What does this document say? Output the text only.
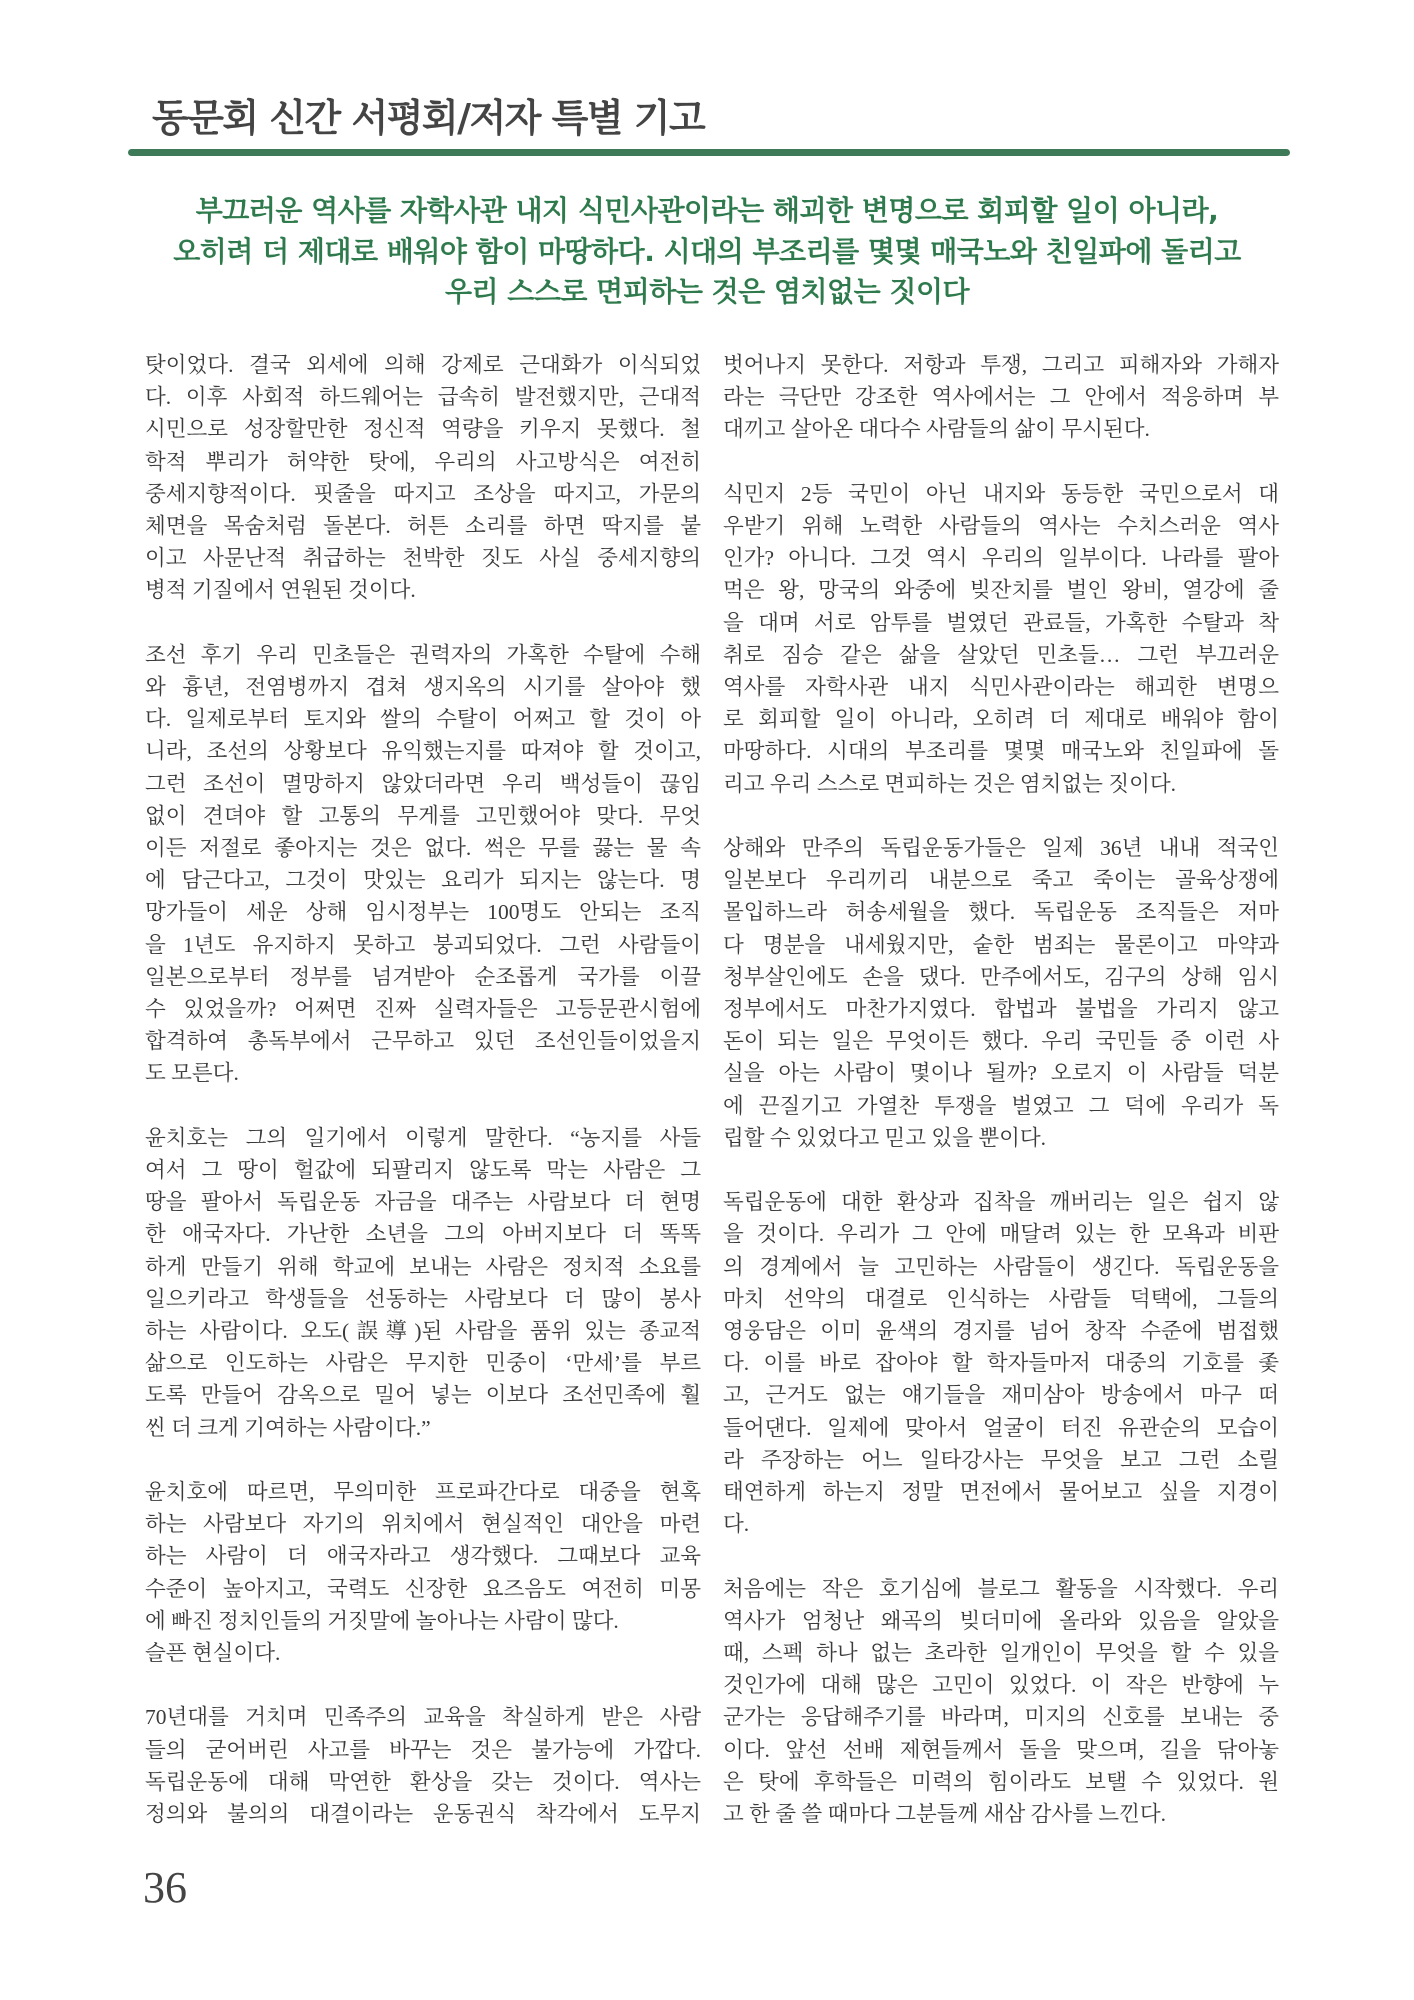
동문회 신간 서평회/저자 특별 기고
부끄러운 역사를 자학사관 내지 식민사관이라는 해괴한 변명으로 회피할 일이 아니라,
오히려 더 제대로 배워야 함이 마땅하다. 시대의 부조리를 몇몇 매국노와 친일파에 돌리고
우리 스스로 면피하는 것은 염치없는 짓이다
탓이었다. 결국 외세에 의해 강제로 근대화가 이식되었
다. 이후 사회적 하드웨어는 급속히 발전했지만, 근대적
시민으로 성장할만한 정신적 역량을 키우지 못했다. 철
학적 뿌리가 허약한 탓에, 우리의 사고방식은 여전히
중세지향적이다. 핏줄을 따지고 조상을 따지고, 가문의
체면을 목숨처럼 돌본다. 허튼 소리를 하면 딱지를 붙
이고 사문난적 취급하는 천박한 짓도 사실 중세지향의
병적 기질에서 연원된 것이다.
조선 후기 우리 민초들은 권력자의 가혹한 수탈에 수해
와 흉년, 전염병까지 겹쳐 생지옥의 시기를 살아야 했
다. 일제로부터 토지와 쌀의 수탈이 어쩌고 할 것이 아
니라, 조선의 상황보다 유익했는지를 따져야 할 것이고,
그런 조선이 멸망하지 않았더라면 우리 백성들이 끊임
없이 견뎌야 할 고통의 무게를 고민했어야 맞다. 무엇
이든 저절로 좋아지는 것은 없다. 썩은 무를 끓는 물 속
에 담근다고, 그것이 맛있는 요리가 되지는 않는다. 명
망가들이 세운 상해 임시정부는 100명도 안되는 조직
을 1년도 유지하지 못하고 붕괴되었다. 그런 사람들이
일본으로부터 정부를 넘겨받아 순조롭게 국가를 이끌
수 있었을까? 어쩌면 진짜 실력자들은 고등문관시험에
합격하여 총독부에서 근무하고 있던 조선인들이었을지
도 모른다.
윤치호는 그의 일기에서 이렇게 말한다. “농지를 사들
여서 그 땅이 헐값에 되팔리지 않도록 막는 사람은 그
땅을 팔아서 독립운동 자금을 대주는 사람보다 더 현명
한 애국자다. 가난한 소년을 그의 아버지보다 더 똑똑
하게 만들기 위해 학교에 보내는 사람은 정치적 소요를
일으키라고 학생들을 선동하는 사람보다 더 많이 봉사
하는 사람이다. 오도(誤導)된 사람을 품위 있는 종교적
삶으로 인도하는 사람은 무지한 민중이 ‘만세’를 부르
도록 만들어 감옥으로 밀어 넣는 이보다 조선민족에 훨
씬 더 크게 기여하는 사람이다.”
윤치호에 따르면, 무의미한 프로파간다로 대중을 현혹
하는 사람보다 자기의 위치에서 현실적인 대안을 마련
하는 사람이 더 애국자라고 생각했다. 그때보다 교육
수준이 높아지고, 국력도 신장한 요즈음도 여전히 미몽
에 빠진 정치인들의 거짓말에 놀아나는 사람이 많다.
슬픈 현실이다.
70년대를 거치며 민족주의 교육을 착실하게 받은 사람
들의 굳어버린 사고를 바꾸는 것은 불가능에 가깝다.
독립운동에 대해 막연한 환상을 갖는 것이다. 역사는
정의와 불의의 대결이라는 운동권식 착각에서 도무지
벗어나지 못한다. 저항과 투쟁, 그리고 피해자와 가해자
라는 극단만 강조한 역사에서는 그 안에서 적응하며 부
대끼고 살아온 대다수 사람들의 삶이 무시된다.
식민지 2등 국민이 아닌 내지와 동등한 국민으로서 대
우받기 위해 노력한 사람들의 역사는 수치스러운 역사
인가? 아니다. 그것 역시 우리의 일부이다. 나라를 팔아
먹은 왕, 망국의 와중에 빚잔치를 벌인 왕비, 열강에 줄
을 대며 서로 암투를 벌였던 관료들, 가혹한 수탈과 착
취로 짐승 같은 삶을 살았던 민초들… 그런 부끄러운
역사를 자학사관 내지 식민사관이라는 해괴한 변명으
로 회피할 일이 아니라, 오히려 더 제대로 배워야 함이
마땅하다. 시대의 부조리를 몇몇 매국노와 친일파에 돌
리고 우리 스스로 면피하는 것은 염치없는 짓이다.
상해와 만주의 독립운동가들은 일제 36년 내내 적국인
일본보다 우리끼리 내분으로 죽고 죽이는 골육상쟁에
몰입하느라 허송세월을 했다. 독립운동 조직들은 저마
다 명분을 내세웠지만, 숱한 범죄는 물론이고 마약과
청부살인에도 손을 댔다. 만주에서도, 김구의 상해 임시
정부에서도 마찬가지였다. 합법과 불법을 가리지 않고
돈이 되는 일은 무엇이든 했다. 우리 국민들 중 이런 사
실을 아는 사람이 몇이나 될까? 오로지 이 사람들 덕분
에 끈질기고 가열찬 투쟁을 벌였고 그 덕에 우리가 독
립할 수 있었다고 믿고 있을 뿐이다.
독립운동에 대한 환상과 집착을 깨버리는 일은 쉽지 않
을 것이다. 우리가 그 안에 매달려 있는 한 모욕과 비판
의 경계에서 늘 고민하는 사람들이 생긴다. 독립운동을
마치 선악의 대결로 인식하는 사람들 덕택에, 그들의
영웅담은 이미 윤색의 경지를 넘어 창작 수준에 범접했
다. 이를 바로 잡아야 할 학자들마저 대중의 기호를 좇
고, 근거도 없는 얘기들을 재미삼아 방송에서 마구 떠
들어댄다. 일제에 맞아서 얼굴이 터진 유관순의 모습이
라 주장하는 어느 일타강사는 무엇을 보고 그런 소릴
태연하게 하는지 정말 면전에서 물어보고 싶을 지경이
다.
처음에는 작은 호기심에 블로그 활동을 시작했다. 우리
역사가 엄청난 왜곡의 빚더미에 올라와 있음을 알았을
때, 스펙 하나 없는 초라한 일개인이 무엇을 할 수 있을
것인가에 대해 많은 고민이 있었다. 이 작은 반향에 누
군가는 응답해주기를 바라며, 미지의 신호를 보내는 중
이다. 앞선 선배 제현들께서 돌을 맞으며, 길을 닦아놓
은 탓에 후학들은 미력의 힘이라도 보탤 수 있었다. 원
고 한 줄 쓸 때마다 그분들께 새삼 감사를 느낀다.
36
